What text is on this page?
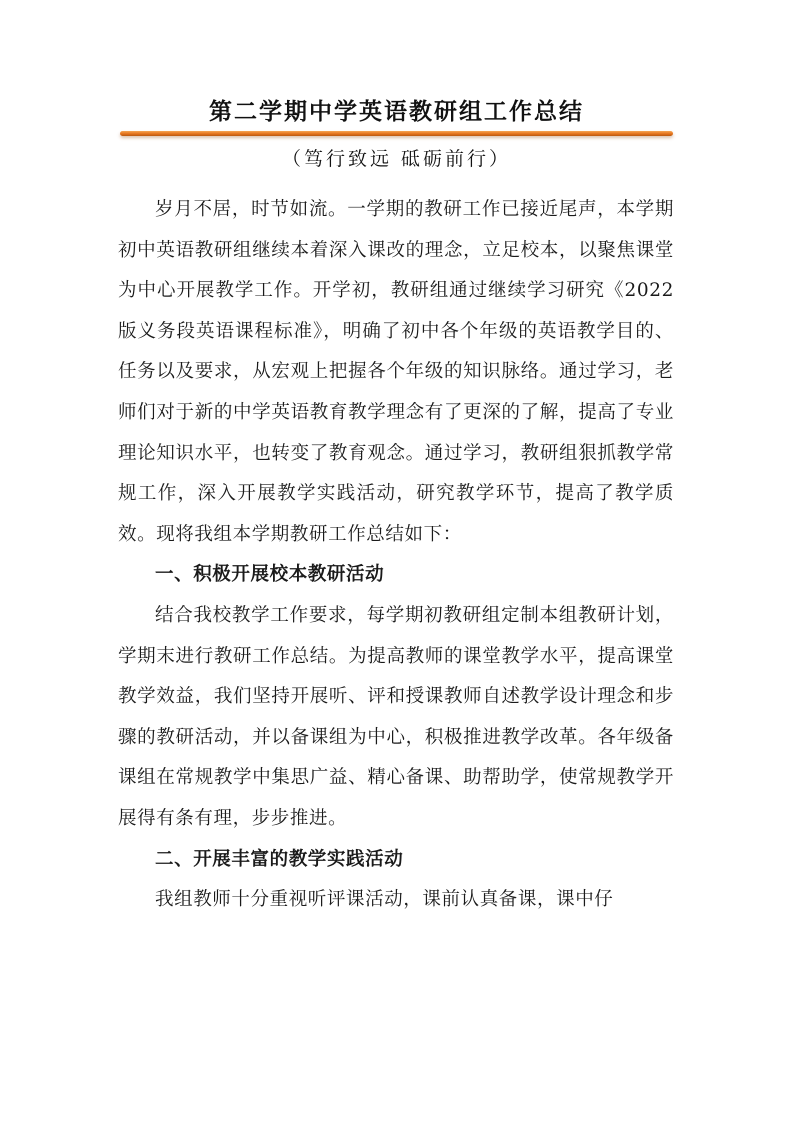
第二学期中学英语教研组工作总结
（笃行致远 砥砺前行）

岁月不居，时节如流。一学期的教研工作已接近尾声，本学期初中英语教研组继续本着深入课改的理念，立足校本，以聚焦课堂为中心开展教学工作。开学初，教研组通过继续学习研究《2022版义务段英语课程标准》，明确了初中各个年级的英语教学目的、任务以及要求，从宏观上把握各个年级的知识脉络。通过学习，老师们对于新的中学英语教育教学理念有了更深的了解，提高了专业理论知识水平，也转变了教育观念。通过学习，教研组狠抓教学常规工作，深入开展教学实践活动，研究教学环节，提高了教学质效。现将我组本学期教研工作总结如下：

一、积极开展校本教研活动

结合我校教学工作要求，每学期初教研组定制本组教研计划，学期末进行教研工作总结。为提高教师的课堂教学水平，提高课堂教学效益，我们坚持开展听、评和授课教师自述教学设计理念和步骤的教研活动，并以备课组为中心，积极推进教学改革。各年级备课组在常规教学中集思广益、精心备课、助帮助学，使常规教学开展得有条有理，步步推进。

二、开展丰富的教学实践活动

我组教师十分重视听评课活动，课前认真备课，课中仔
